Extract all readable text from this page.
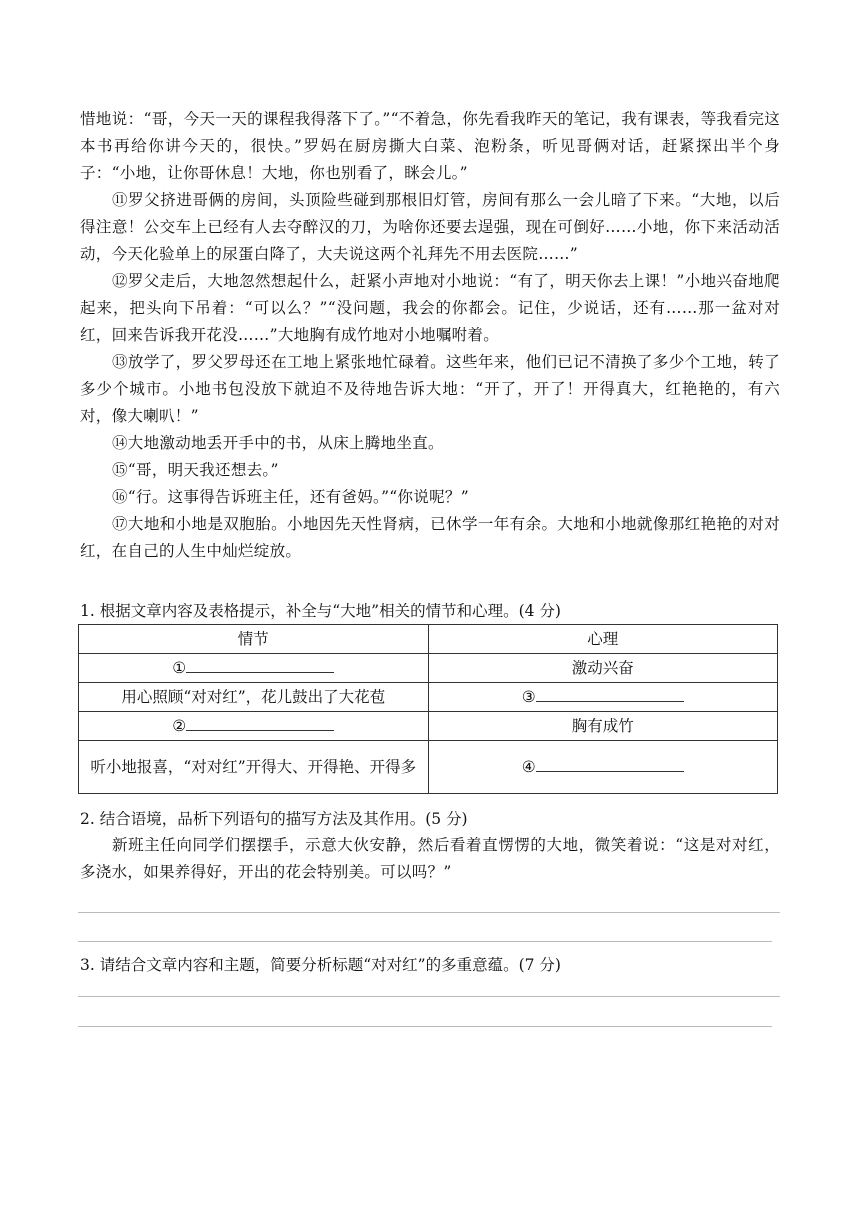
惜地说：“哥，今天一天的课程我得落下了。”“不着急，你先看我昨天的笔记，我有课表，等我看完这本书再给你讲今天的，很快。”罗妈在厨房撕大白菜、泡粉条，听见哥俩对话，赶紧探出半个身子：“小地，让你哥休息！大地，你也别看了，眯会儿。”

⑪罗父挤进哥俩的房间，头顶险些碰到那根旧灯管，房间有那么一会儿暗了下来。“大地，以后得注意！公交车上已经有人去夺醉汉的刀，为啥你还要去逞强，现在可倒好……小地，你下来活动活动，今天化验单上的尿蛋白降了，大夫说这两个礼拜先不用去医院……”

⑫罗父走后，大地忽然想起什么，赶紧小声地对小地说：“有了，明天你去上课！”小地兴奋地爬起来，把头向下吊着：“可以么？”“没问题，我会的你都会。记住，少说话，还有……那一盆对对红，回来告诉我开花没……”大地胸有成竹地对小地嘱咐着。

⑬放学了，罗父罗母还在工地上紧张地忙碌着。这些年来，他们已记不清换了多少个工地，转了多少个城市。小地书包没放下就迫不及待地告诉大地：“开了，开了！开得真大，红艳艳的，有六对，像大喇叭！”

⑭大地激动地丢开手中的书，从床上腾地坐直。

⑮“哥，明天我还想去。”

⑯“行。这事得告诉班主任，还有爸妈。”“你说呢？”

⑰大地和小地是双胞胎。小地因先天性肾病，已休学一年有余。大地和小地就像那红艳艳的对对红，在自己的人生中灿烂绽放。

1. 根据文章内容及表格提示，补全与“大地”相关的情节和心理。(4 分)
情节	心理
①	激动兴奋
用心照顾“对对红”，花儿鼓出了大花苞	③
②	胸有成竹
听小地报喜，“对对红”开得大、开得艳、开得多	④
2. 结合语境，品析下列语句的描写方法及其作用。(5 分)

新班主任向同学们摆摆手，示意大伙安静，然后看着直愣愣的大地，微笑着说：“这是对对红，多浇水，如果养得好，开出的花会特别美。可以吗？”

3. 请结合文章内容和主题，简要分析标题“对对红”的多重意蕴。(7 分)
